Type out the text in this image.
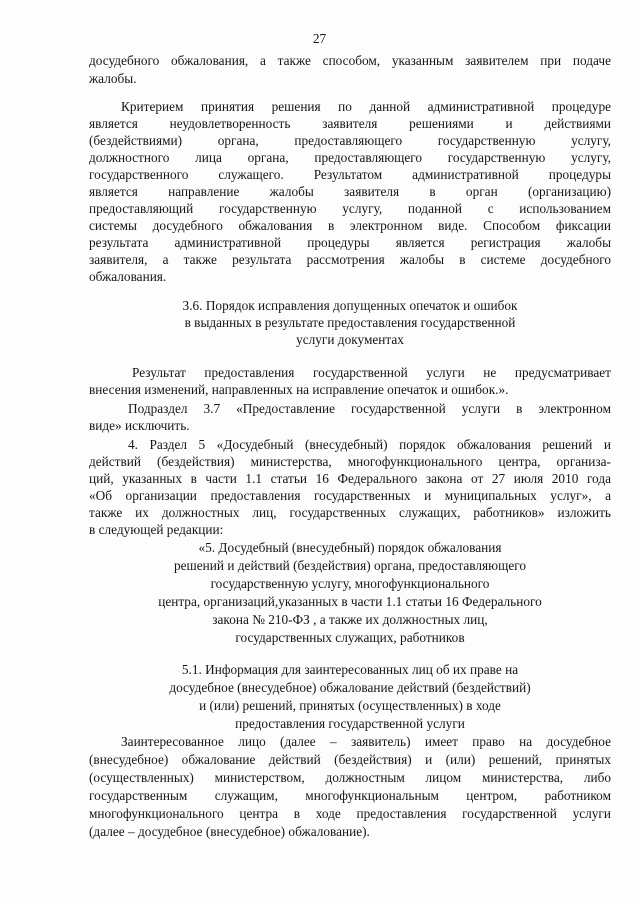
27
досудебного обжалования, а также способом, указанным заявителем при подаче
жалобы.
Критерием принятия решения по данной административной процедуре
является неудовлетворенность заявителя решениями и действиями
(бездействиями) органа, предоставляющего государственную услугу,
должностного лица органа, предоставляющего государственную услугу,
государственного служащего. Результатом административной процедуры
является направление жалобы заявителя в орган (организацию)
предоставляющий государственную услугу, поданной с использованием
системы досудебного обжалования в электронном виде. Способом фиксации
результата административной процедуры является регистрация жалобы
заявителя, а также результата рассмотрения жалобы в системе досудебного
обжалования.
3.6. Порядок исправления допущенных опечаток и ошибок
в выданных в результате предоставления государственной
услуги документах
Результат предоставления государственной услуги не предусматривает
внесения изменений, направленных на исправление опечаток и ошибок.».
Подраздел 3.7 «Предоставление государственной услуги в электронном
виде» исключить.
4. Раздел 5 «Досудебный (внесудебный) порядок обжалования решений и
действий (бездействия) министерства, многофункционального центра, организа-
ций, указанных в части 1.1 статьи 16 Федерального закона от 27 июля 2010 года
«Об организации предоставления государственных и муниципальных услуг», а
также их должностных лиц, государственных служащих, работников» изложить
в следующей редакции:
«5. Досудебный (внесудебный) порядок обжалования
решений и действий (бездействия) органа, предоставляющего
государственную услугу, многофункционального
центра, организаций,указанных в части 1.1 статьи 16 Федерального
закона № 210-ФЗ , а также их должностных лиц,
государственных служащих, работников
5.1. Информация для заинтересованных лиц об их праве на
досудебное (внесудебное) обжалование действий (бездействий)
и (или) решений, принятых (осуществленных) в ходе
предоставления государственной услуги
Заинтересованное лицо (далее – заявитель) имеет право на досудебное
(внесудебное) обжалование действий (бездействия) и (или) решений, принятых
(осуществленных) министерством, должностным лицом министерства, либо
государственным служащим, многофункциональным центром, работником
многофункционального центра в ходе предоставления государственной услуги
(далее – досудебное (внесудебное) обжалование).
